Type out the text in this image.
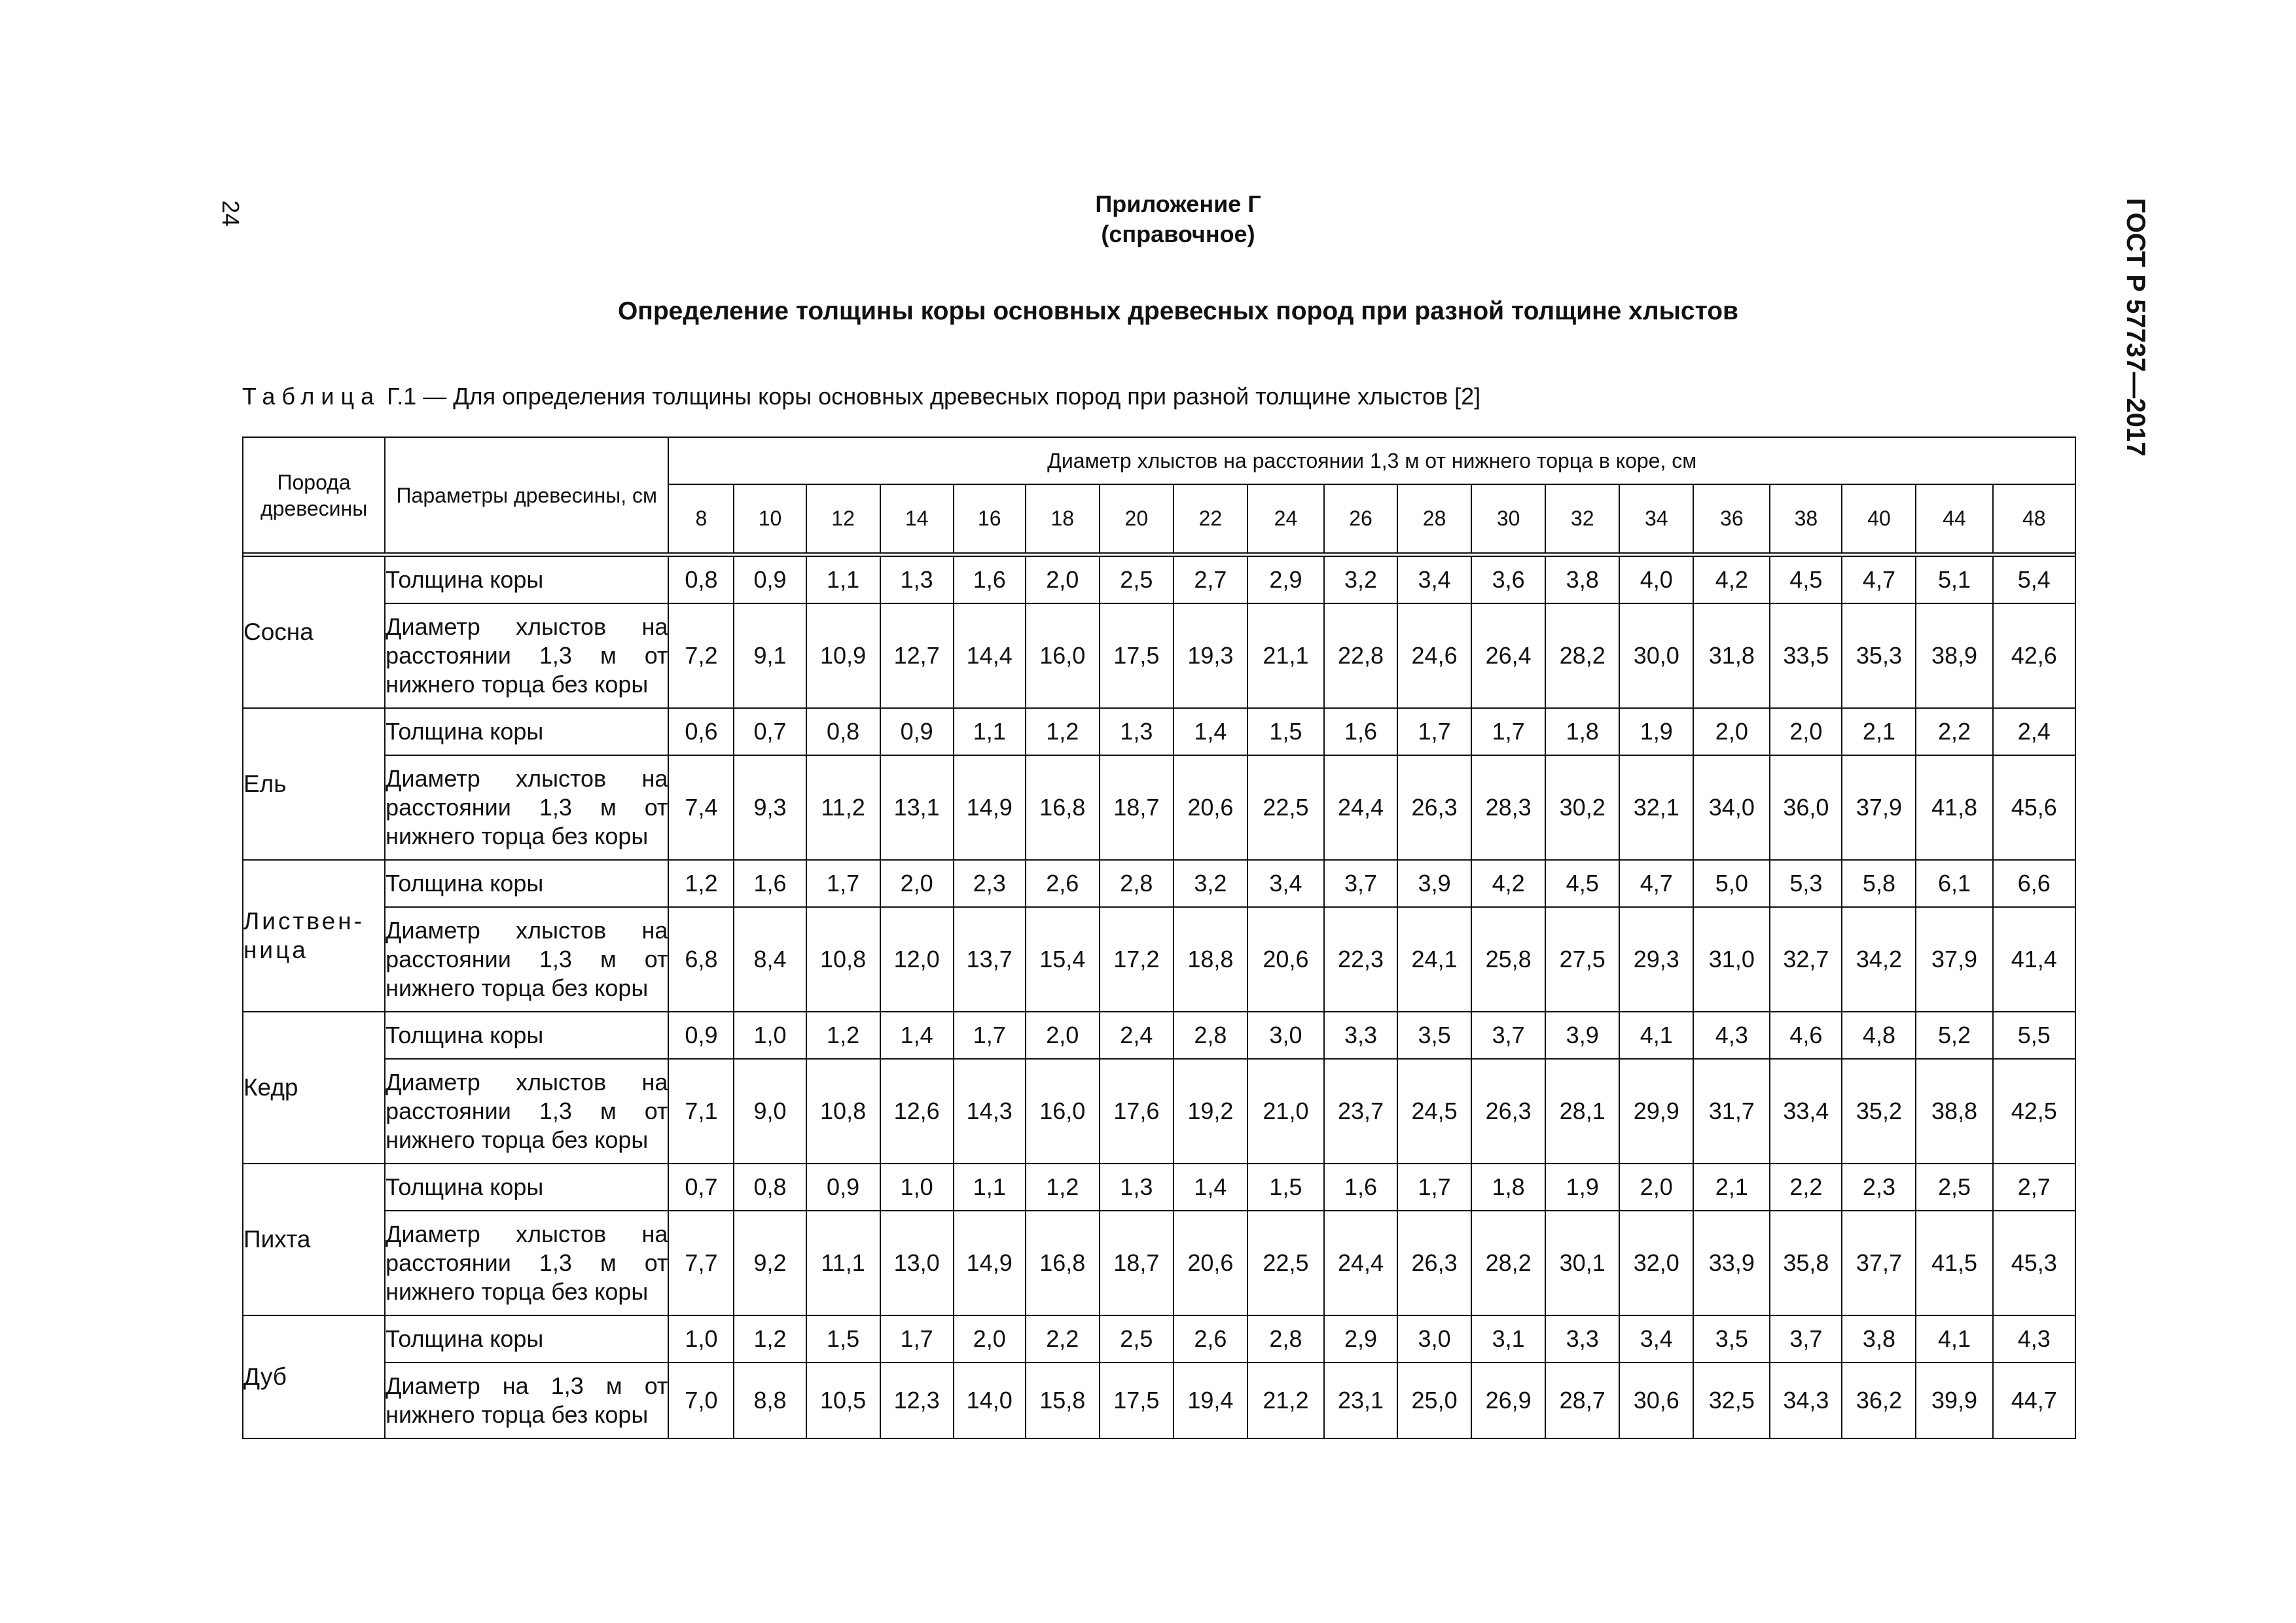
24	ГОСТ Р 57737—2017
Приложение Г
(справочное)
Определение толщины коры основных древесных пород при разной толщине хлыстов
Таблица Г.1 — Для определения толщины коры основных древесных пород при разной толщине хлыстов [2]
Порода древесины	Параметры древесины, см	Диаметр хлыстов на расстоянии 1,3 м от нижнего торца в коре, см																		
		8	10	12	14	16	18	20	22	24	26	28	30	32	34	36	38	40	44	48

Сосна	Толщина коры	0,8	0,9	1,1	1,3	1,6	2,0	2,5	2,7	2,9	3,2	3,4	3,6	3,8	4,0	4,2	4,5	4,7	5,1	5,4
	Диаметр хлыстов на расстоянии 1,3 м от нижнего торца без коры	7,2	9,1	10,9	12,7	14,4	16,0	17,5	19,3	21,1	22,8	24,6	26,4	28,2	30,0	31,8	33,5	35,3	38,9	42,6
Ель	Толщина коры	0,6	0,7	0,8	0,9	1,1	1,2	1,3	1,4	1,5	1,6	1,7	1,7	1,8	1,9	2,0	2,0	2,1	2,2	2,4
	Диаметр хлыстов на расстоянии 1,3 м от нижнего торца без коры	7,4	9,3	11,2	13,1	14,9	16,8	18,7	20,6	22,5	24,4	26,3	28,3	30,2	32,1	34,0	36,0	37,9	41,8	45,6
Листвен-
ница	Толщина коры	1,2	1,6	1,7	2,0	2,3	2,6	2,8	3,2	3,4	3,7	3,9	4,2	4,5	4,7	5,0	5,3	5,8	6,1	6,6
	Диаметр хлыстов на расстоянии 1,3 м от нижнего торца без коры	6,8	8,4	10,8	12,0	13,7	15,4	17,2	18,8	20,6	22,3	24,1	25,8	27,5	29,3	31,0	32,7	34,2	37,9	41,4
Кедр	Толщина коры	0,9	1,0	1,2	1,4	1,7	2,0	2,4	2,8	3,0	3,3	3,5	3,7	3,9	4,1	4,3	4,6	4,8	5,2	5,5
	Диаметр хлыстов на расстоянии 1,3 м от нижнего торца без коры	7,1	9,0	10,8	12,6	14,3	16,0	17,6	19,2	21,0	23,7	24,5	26,3	28,1	29,9	31,7	33,4	35,2	38,8	42,5
Пихта	Толщина коры	0,7	0,8	0,9	1,0	1,1	1,2	1,3	1,4	1,5	1,6	1,7	1,8	1,9	2,0	2,1	2,2	2,3	2,5	2,7
	Диаметр хлыстов на расстоянии 1,3 м от нижнего торца без коры	7,7	9,2	11,1	13,0	14,9	16,8	18,7	20,6	22,5	24,4	26,3	28,2	30,1	32,0	33,9	35,8	37,7	41,5	45,3
Дуб	Толщина коры	1,0	1,2	1,5	1,7	2,0	2,2	2,5	2,6	2,8	2,9	3,0	3,1	3,3	3,4	3,5	3,7	3,8	4,1	4,3
	Диаметр на 1,3 м от нижнего торца без коры	7,0	8,8	10,5	12,3	14,0	15,8	17,5	19,4	21,2	23,1	25,0	26,9	28,7	30,6	32,5	34,3	36,2	39,9	44,7
